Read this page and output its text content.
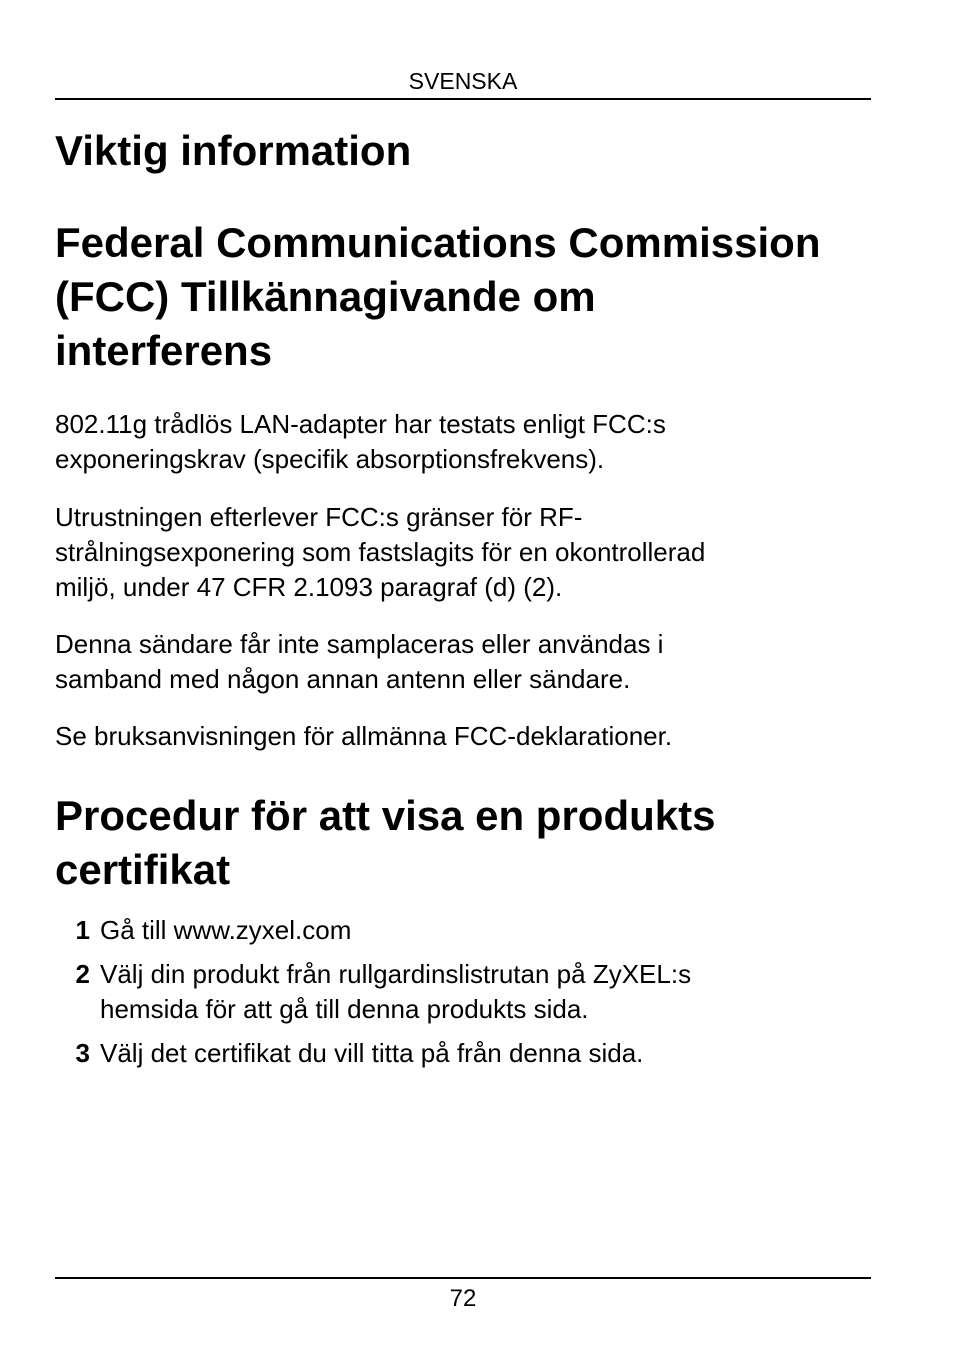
SVENSKA
Viktig information
Federal Communications Commission
(FCC) Tillkännagivande om
interferens

802.11g trådlös LAN-adapter har testats enligt FCC:s
exponeringskrav (specifik absorptionsfrekvens).

Utrustningen efterlever FCC:s gränser för RF-
strålningsexponering som fastslagits för en okontrollerad
miljö, under 47 CFR 2.1093 paragraf (d) (2).

Denna sändare får inte samplaceras eller användas i
samband med någon annan antenn eller sändare.

Se bruksanvisningen för allmänna FCC-deklarationer.

Procedur för att visa en produkts
certifikat
1 Gå till www.zyxel.com
2 Välj din produkt från rullgardinslistrutan på ZyXEL:s
hemsida för att gå till denna produkts sida.
3 Välj det certifikat du vill titta på från denna sida.
72
